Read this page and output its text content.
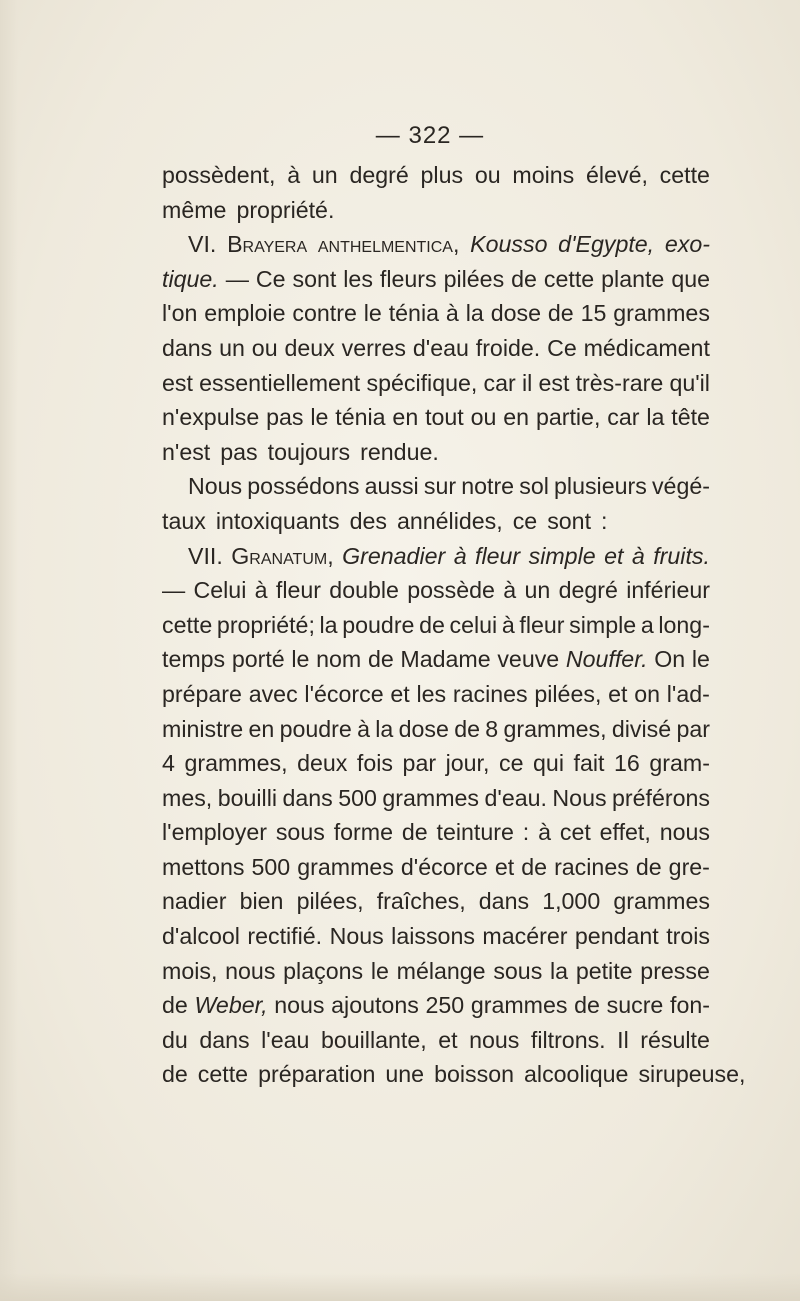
— 322 —
possèdent, à un degré plus ou moins élevé, cette
même propriété.
VI. Brayera anthelmentica, Kousso d'Egypte, exo-
tique. — Ce sont les fleurs pilées de cette plante que
l'on emploie contre le ténia à la dose de 15 grammes
dans un ou deux verres d'eau froide. Ce médicament
est essentiellement spécifique, car il est très-rare qu'il
n'expulse pas le ténia en tout ou en partie, car la tête
n'est pas toujours rendue.
Nous possédons aussi sur notre sol plusieurs végé-
taux intoxiquants des annélides, ce sont :
VII. Granatum, Grenadier à fleur simple et à fruits.
— Celui à fleur double possède à un degré inférieur
cette propriété; la poudre de celui à fleur simple a long-
temps porté le nom de Madame veuve Nouffer. On le
prépare avec l'écorce et les racines pilées, et on l'ad-
ministre en poudre à la dose de 8 grammes, divisé par
4 grammes, deux fois par jour, ce qui fait 16 gram-
mes, bouilli dans 500 grammes d'eau. Nous préférons
l'employer sous forme de teinture : à cet effet, nous
mettons 500 grammes d'écorce et de racines de gre-
nadier bien pilées, fraîches, dans 1,000 grammes
d'alcool rectifié. Nous laissons macérer pendant trois
mois, nous plaçons le mélange sous la petite presse
de Weber, nous ajoutons 250 grammes de sucre fon-
du dans l'eau bouillante, et nous filtrons. Il résulte
de cette préparation une boisson alcoolique sirupeuse,
